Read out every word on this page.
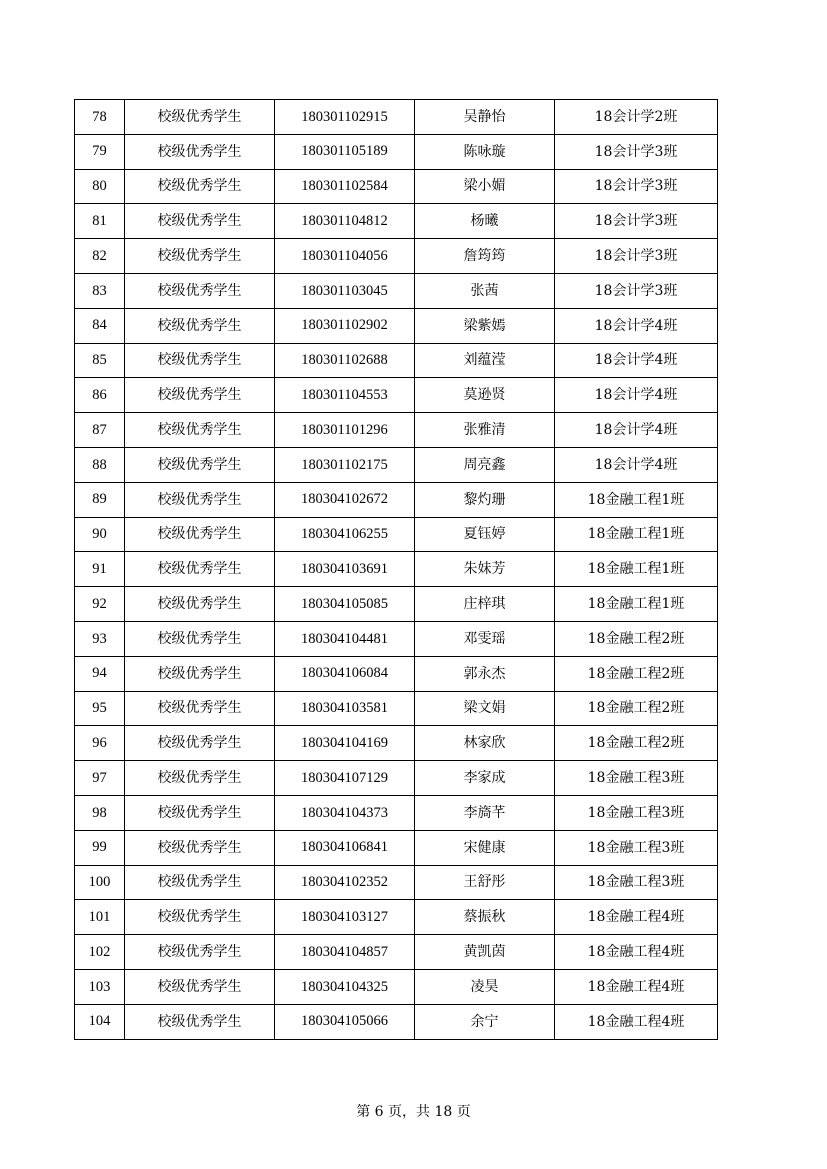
78	校级优秀学生	180301102915	吴静怡	18会计学2班
79	校级优秀学生	180301105189	陈咏璇	18会计学3班
80	校级优秀学生	180301102584	梁小媚	18会计学3班
81	校级优秀学生	180301104812	杨曦	18会计学3班
82	校级优秀学生	180301104056	詹筠筠	18会计学3班
83	校级优秀学生	180301103045	张茜	18会计学3班
84	校级优秀学生	180301102902	梁紫嫣	18会计学4班
85	校级优秀学生	180301102688	刘蕴滢	18会计学4班
86	校级优秀学生	180301104553	莫逊贤	18会计学4班
87	校级优秀学生	180301101296	张雅清	18会计学4班
88	校级优秀学生	180301102175	周亮鑫	18会计学4班
89	校级优秀学生	180304102672	黎灼珊	18金融工程1班
90	校级优秀学生	180304106255	夏钰婷	18金融工程1班
91	校级优秀学生	180304103691	朱妹芳	18金融工程1班
92	校级优秀学生	180304105085	庄梓琪	18金融工程1班
93	校级优秀学生	180304104481	邓雯瑶	18金融工程2班
94	校级优秀学生	180304106084	郭永杰	18金融工程2班
95	校级优秀学生	180304103581	梁文娟	18金融工程2班
96	校级优秀学生	180304104169	林家欣	18金融工程2班
97	校级优秀学生	180304107129	李家成	18金融工程3班
98	校级优秀学生	180304104373	李旖芊	18金融工程3班
99	校级优秀学生	180304106841	宋健康	18金融工程3班
100	校级优秀学生	180304102352	王舒彤	18金融工程3班
101	校级优秀学生	180304103127	蔡振秋	18金融工程4班
102	校级优秀学生	180304104857	黄凯茵	18金融工程4班
103	校级优秀学生	180304104325	凌昊	18金融工程4班
104	校级优秀学生	180304105066	余宁	18金融工程4班
第 6 页，共 18 页
